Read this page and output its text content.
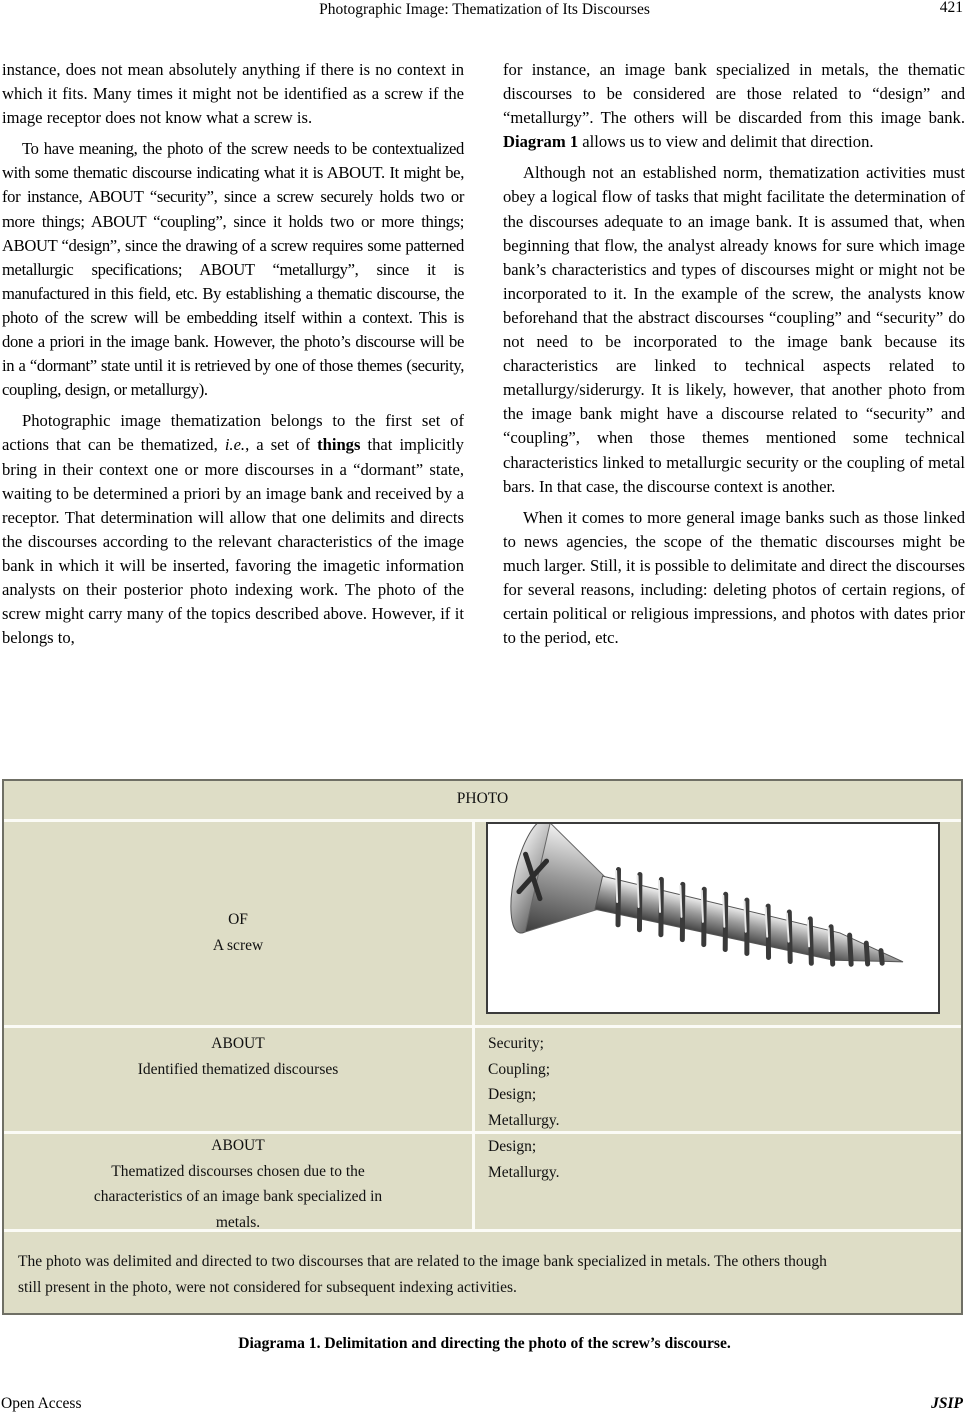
Photographic Image: Thematization of Its Discourses	421

instance, does not mean absolutely anything if there is no context in which it fits. Many times it might not be identified as a screw if the image receptor does not know what a screw is.

To have meaning, the photo of the screw needs to be contextualized with some thematic discourse indicating what it is ABOUT. It might be, for instance, ABOUT “security”, since a screw securely holds two or more things; ABOUT “coupling”, since it holds two or more things; ABOUT “design”, since the drawing of a screw requires some patterned metallurgic specifications; ABOUT “metallurgy”, since it is manufactured in this field, etc. By establishing a thematic discourse, the photo of the screw will be embedding itself within a context. This is done a priori in the image bank. However, the photo’s discourse will be in a “dormant” state until it is retrieved by one of those themes (security, coupling, design, or metallurgy).

Photographic image thematization belongs to the first set of actions that can be thematized, i.e., a set of things that implicitly bring in their context one or more discourses in a “dormant” state, waiting to be determined a priori by an image bank and received by a receptor. That determination will allow that one delimits and directs the discourses according to the relevant characteristics of the image bank in which it will be inserted, favoring the imagetic information analysts on their posterior photo indexing work. The photo of the screw might carry many of the topics described above. However, if it belongs to,

for instance, an image bank specialized in metals, the thematic discourses to be considered are those related to “design” and “metallurgy”. The others will be discarded from this image bank. Diagram 1 allows us to view and delimit that direction.

Although not an established norm, thematization activities must obey a logical flow of tasks that might facilitate the determination of the discourses adequate to an image bank. It is assumed that, when beginning that flow, the analyst already knows for sure which image bank’s characteristics and types of discourses might or might not be incorporated to it. In the example of the screw, the analysts know beforehand that the abstract discourses “coupling” and “security” do not need to be incorporated to the image bank because its characteristics are linked to technical aspects related to metallurgy/siderurgy. It is likely, however, that another photo from the image bank might have a discourse related to “security” and “coupling”, when those themes mentioned some technical characteristics linked to metallurgic security or the coupling of metal bars. In that case, the discourse context is another.

When it comes to more general image banks such as those linked to news agencies, the scope of the thematic discourses might be much larger. Still, it is possible to delimitate and direct the discourses for several reasons, including: deleting photos of certain regions, of certain political or religious impressions, and photos with dates prior to the period, etc.

PHOTO
OF
A screw
ABOUT
Identified thematized discourses
Security;
Coupling;
Design;
Metallurgy.
ABOUT
Thematized discourses chosen due to the
characteristics of an image bank specialized in
metals.
Design;
Metallurgy.
The photo was delimited and directed to two discourses that are related to the image bank specialized in metals. The others though
still present in the photo, were not considered for subsequent indexing activities.
Diagrama 1. Delimitation and directing the photo of the screw’s discourse.
Open Access	JSIP
